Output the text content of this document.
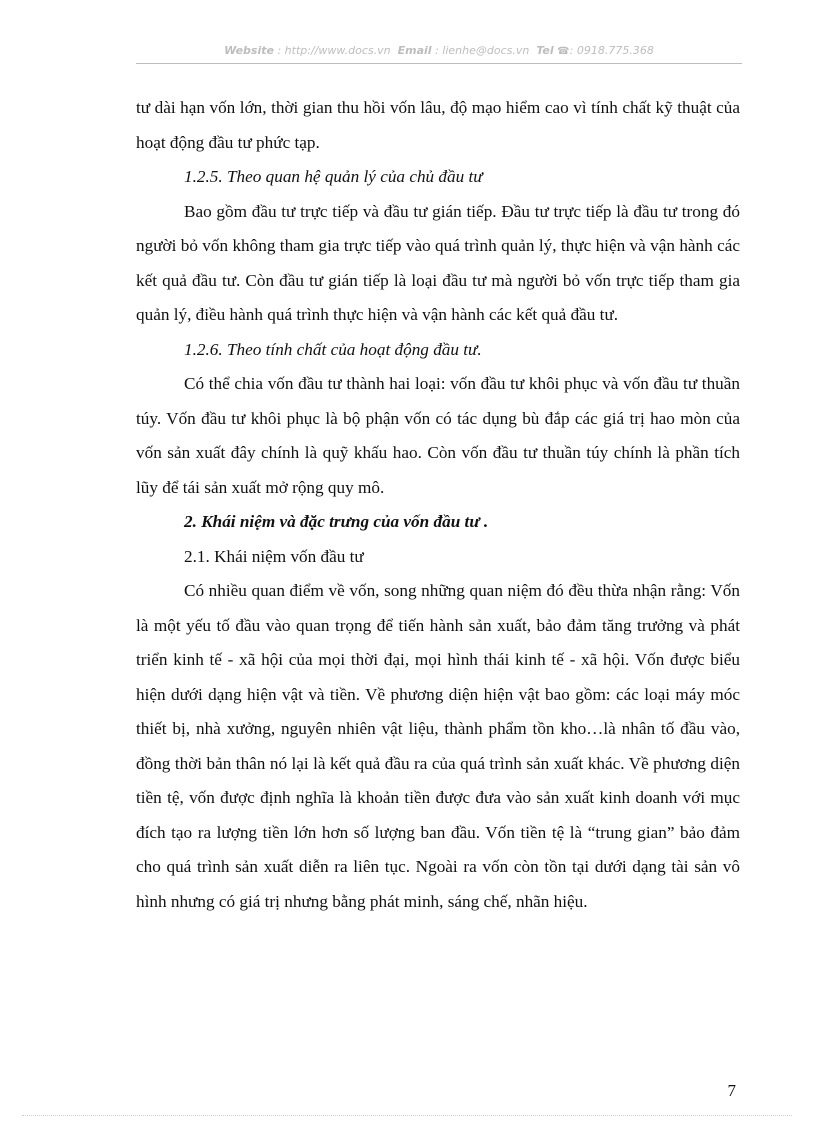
Website : http://www.docs.vn Email : lienhe@docs.vn Tel ☎: 0918.775.368

tư dài hạn vốn lớn, thời gian thu hồi vốn lâu, độ mạo hiểm cao vì tính chất kỹ thuật của hoạt động đầu tư phức tạp.

1.2.5. Theo quan hệ quản lý của chủ đầu tư

Bao gồm đầu tư trực tiếp và đầu tư gián tiếp. Đầu tư trực tiếp là đầu tư trong đó người bỏ vốn không tham gia trực tiếp vào quá trình quản lý, thực hiện và vận hành các kết quả đầu tư. Còn đầu tư gián tiếp là loại đầu tư mà người bỏ vốn trực tiếp tham gia quản lý, điều hành quá trình thực hiện và vận hành các kết quả đầu tư.

1.2.6. Theo tính chất của hoạt động đầu tư.

Có thể chia vốn đầu tư thành hai loại: vốn đầu tư khôi phục và vốn đầu tư thuần túy. Vốn đầu tư khôi phục là bộ phận vốn có tác dụng bù đắp các giá trị hao mòn của vốn sản xuất đây chính là quỹ khấu hao. Còn vốn đầu tư thuần túy chính là phần tích lũy để tái sản xuất mở rộng quy mô.

2. Khái niệm và đặc trưng của vốn đầu tư .

2.1. Khái niệm vốn đầu tư

Có nhiều quan điểm về vốn, song những quan niệm đó đều thừa nhận rằng: Vốn là một yếu tố đầu vào quan trọng để tiến hành sản xuất, bảo đảm tăng trưởng và phát triển kinh tế - xã hội của mọi thời đại, mọi hình thái kinh tế - xã hội. Vốn được biểu hiện dưới dạng hiện vật và tiền. Về phương diện hiện vật bao gồm: các loại máy móc thiết bị, nhà xưởng, nguyên nhiên vật liệu, thành phẩm tồn kho…là nhân tố đầu vào, đồng thời bản thân nó lại là kết quả đầu ra của quá trình sản xuất khác. Về phương diện tiền tệ, vốn được định nghĩa là khoản tiền được đưa vào sản xuất kinh doanh với mục đích tạo ra lượng tiền lớn hơn số lượng ban đầu. Vốn tiền tệ là “trung gian” bảo đảm cho quá trình sản xuất diễn ra liên tục. Ngoài ra vốn còn tồn tại dưới dạng tài sản vô hình nhưng có giá trị nhưng bằng phát minh, sáng chế, nhãn hiệu.

7
